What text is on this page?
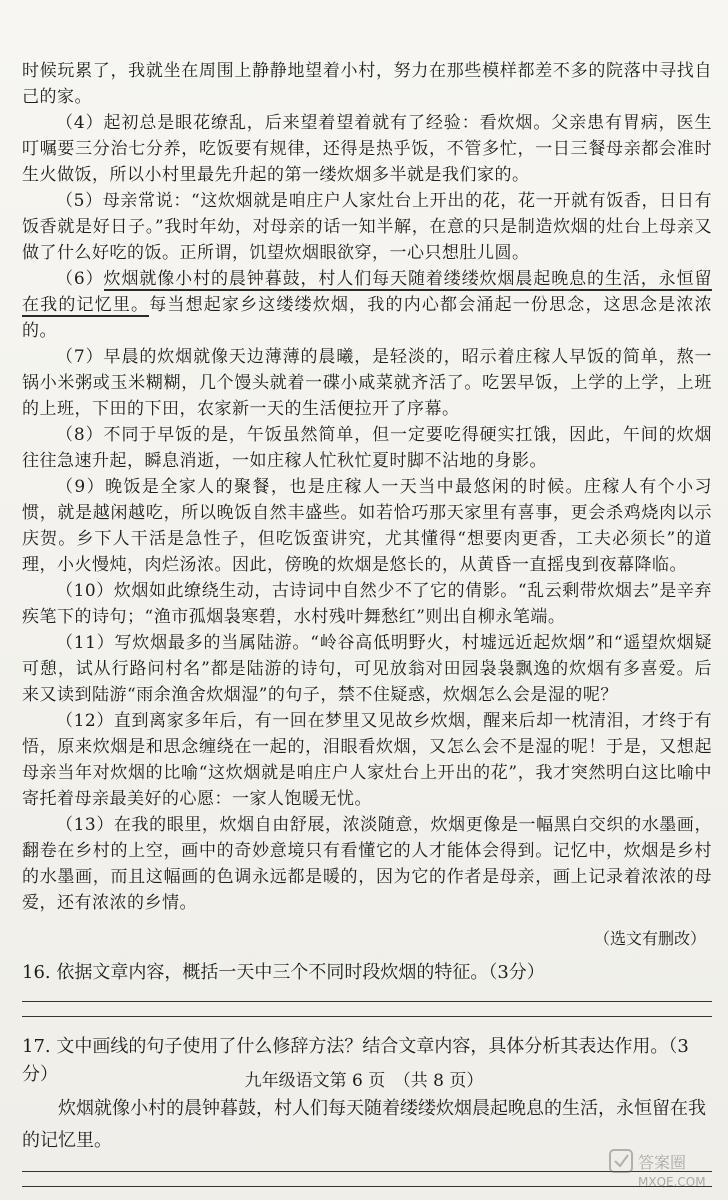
时候玩累了，我就坐在周围上静静地望着小村，努力在那些模样都差不多的院落中寻找自己的家。

（4）起初总是眼花缭乱，后来望着望着就有了经验：看炊烟。父亲患有胃病，医生叮嘱要三分治七分养，吃饭要有规律，还得是热乎饭，不管多忙，一日三餐母亲都会准时生火做饭，所以小村里最先升起的第一缕炊烟多半就是我们家的。

（5）母亲常说：“这炊烟就是咱庄户人家灶台上开出的花，花一开就有饭香，日日有饭香就是好日子。”我时年幼，对母亲的话一知半解，在意的只是制造炊烟的灶台上母亲又做了什么好吃的饭。正所谓，饥望炊烟眼欲穿，一心只想肚儿圆。

（6）炊烟就像小村的晨钟暮鼓，村人们每天随着缕缕炊烟晨起晚息的生活，永恒留在我的记忆里。每当想起家乡这缕缕炊烟，我的内心都会涌起一份思念，这思念是浓浓的。

（7）早晨的炊烟就像天边薄薄的晨曦，是轻淡的，昭示着庄稼人早饭的简单，熬一锅小米粥或玉米糊糊，几个馒头就着一碟小咸菜就齐活了。吃罢早饭，上学的上学，上班的上班，下田的下田，农家新一天的生活便拉开了序幕。

（8）不同于早饭的是，午饭虽然简单，但一定要吃得硬实扛饿，因此，午间的炊烟往往急速升起，瞬息消逝，一如庄稼人忙秋忙夏时脚不沾地的身影。

（9）晚饭是全家人的聚餐，也是庄稼人一天当中最悠闲的时候。庄稼人有个小习惯，就是越闲越吃，所以晚饭自然丰盛些。如若恰巧那天家里有喜事，更会杀鸡烧肉以示庆贺。乡下人干活是急性子，但吃饭蛮讲究，尤其懂得“想要肉更香，工夫必须长”的道理，小火慢炖，肉烂汤浓。因此，傍晚的炊烟是悠长的，从黄昏一直摇曳到夜幕降临。

（10）炊烟如此缭绕生动，古诗词中自然少不了它的倩影。“乱云剩带炊烟去”是辛弃疾笔下的诗句；“渔市孤烟袅寒碧，水村残叶舞愁红”则出自柳永笔端。

（11）写炊烟最多的当属陆游。“岭谷高低明野火，村墟远近起炊烟”和“遥望炊烟疑可憩，试从行路问村名”都是陆游的诗句，可见放翁对田园袅袅飘逸的炊烟有多喜爱。后来又读到陆游“雨余渔舍炊烟湿”的句子，禁不住疑惑，炊烟怎么会是湿的呢？

（12）直到离家多年后，有一回在梦里又见故乡炊烟，醒来后却一枕清泪，才终于有悟，原来炊烟是和思念缠绕在一起的，泪眼看炊烟，又怎么会不是湿的呢！于是，又想起母亲当年对炊烟的比喻“这炊烟就是咱庄户人家灶台上开出的花”，我才突然明白这比喻中寄托着母亲最美好的心愿：一家人饱暖无忧。

（13）在我的眼里，炊烟自由舒展，浓淡随意，炊烟更像是一幅黑白交织的水墨画，翻卷在乡村的上空，画中的奇妙意境只有看懂它的人才能体会得到。记忆中，炊烟是乡村的水墨画，而且这幅画的色调永远都是暖的，因为它的作者是母亲，画上记录着浓浓的母爱，还有浓浓的乡情。

（选文有删改）
16. 依据文章内容，概括一天中三个不同时段炊烟的特征。（3分）
17. 文中画线的句子使用了什么修辞方法？结合文章内容，具体分析其表达作用。（3分）

炊烟就像小村的晨钟暮鼓，村人们每天随着缕缕炊烟晨起晚息的生活，永恒留在我的记忆里。

九年级语文第 6 页　（共 8 页）
答案圈
MXQE.COM
